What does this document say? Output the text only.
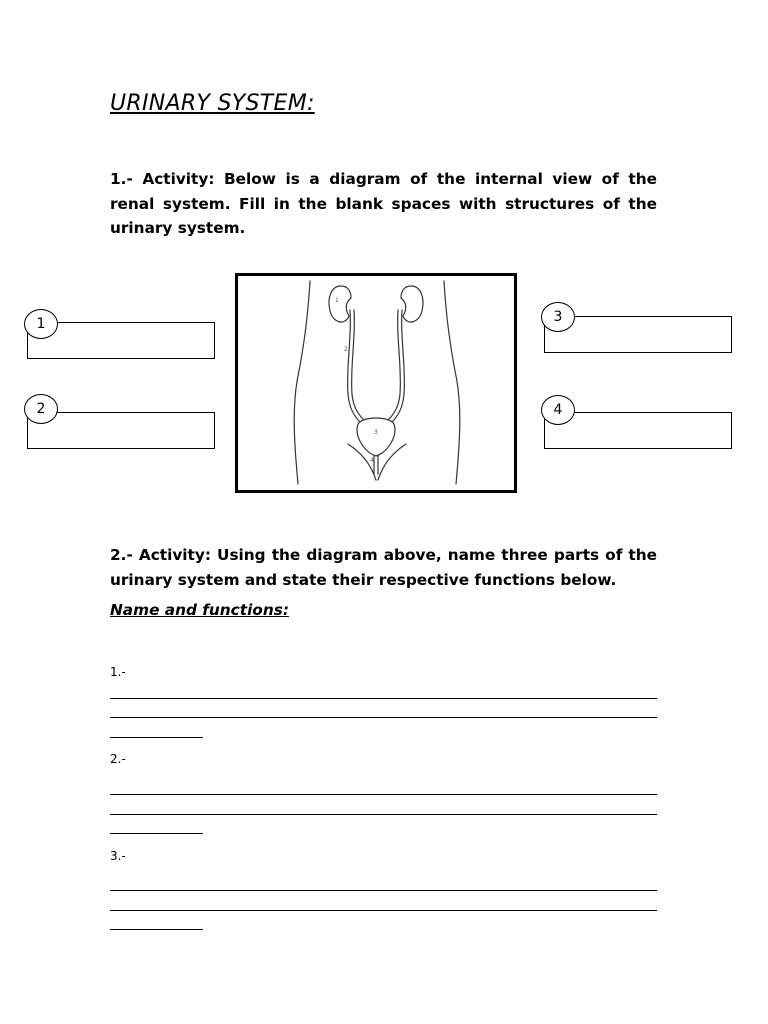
URINARY SYSTEM:

1.- Activity: Below is a diagram of the internal view of the renal system. Fill in the blank spaces with structures of the urinary system.

1
2
3
4
1
2
3
4

2.- Activity: Using the diagram above, name three parts of the urinary system and state their respective functions below.

Name and functions:
1.-
2.-
3.-
